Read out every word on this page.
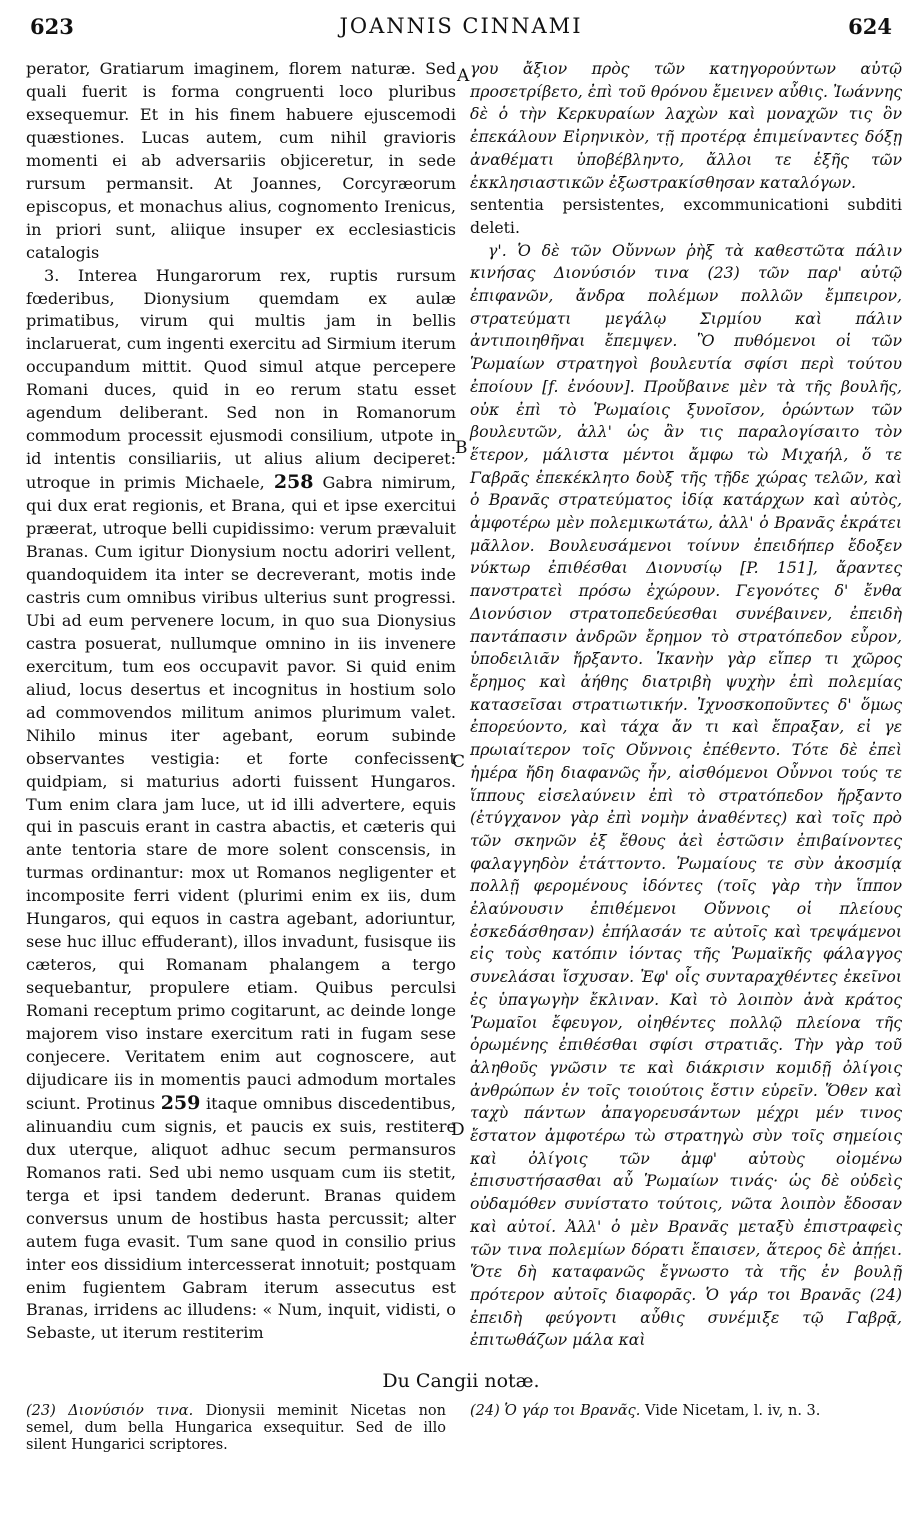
623	JOANNIS CINNAMI	624
A
B
C
D

perator, Gratiarum imaginem, florem naturæ. Sed quali fuerit is forma congruenti loco pluribus exsequemur. Et in his finem habuere ejuscemodi quæstiones. Lucas autem, cum nihil gravioris momenti ei ab adversariis objiceretur, in sede rursum permansit. At Joannes, Corcyræorum episcopus, et monachus alius, cognomento Irenicus, in priori sunt, aliique insuper ex ecclesiasticis catalogis

3. Interea Hungarorum rex, ruptis rursum fœderibus, Dionysium quemdam ex aulæ primatibus, virum qui multis jam in bellis inclaruerat, cum ingenti exercitu ad Sirmium iterum occupandum mittit. Quod simul atque percepere Romani duces, quid in eo rerum statu esset agendum deliberant. Sed non in Romanorum commodum processit ejusmodi consilium, utpote in id intentis consiliariis, ut alius alium deciperet: utroque in primis Michaele, 258 Gabra nimirum, qui dux erat regionis, et Brana, qui et ipse exercitui præerat, utroque belli cupidissimo: verum prævaluit Branas. Cum igitur Dionysium noctu adoriri vellent, quandoquidem ita inter se decreverant, motis inde castris cum omnibus viribus ulterius sunt progressi. Ubi ad eum pervenere locum, in quo sua Dionysius castra posuerat, nullumque omnino in iis invenere exercitum, tum eos occupavit pavor. Si quid enim aliud, locus desertus et incognitus in hostium solo ad commovendos militum animos plurimum valet. Nihilo minus iter agebant, eorum subinde observantes vestigia: et forte confecissent quidpiam, si maturius adorti fuissent Hungaros. Tum enim clara jam luce, ut id illi advertere, equis qui in pascuis erant in castra abactis, et cæteris qui ante tentoria stare de more solent conscensis, in turmas ordinantur: mox ut Romanos negligenter et incomposite ferri vident (plurimi enim ex iis, dum Hungaros, qui equos in castra agebant, adoriuntur, sese huc illuc effuderant), illos invadunt, fusisque iis cæteros, qui Romanam phalangem a tergo sequebantur, propulere etiam. Quibus perculsi Romani receptum primo cogitarunt, ac deinde longe majorem viso instare exercitum rati in fugam sese conjecere. Veritatem enim aut cognoscere, aut dijudicare iis in momentis pauci admodum mortales sciunt. Protinus 259 itaque omnibus discedentibus, alinuandiu cum signis, et paucis ex suis, restitere dux uterque, aliquot adhuc secum permansuros Romanos rati. Sed ubi nemo usquam cum iis stetit, terga et ipsi tandem dederunt. Branas quidem conversus unum de hostibus hasta percussit; alter autem fuga evasit. Tum sane quod in consilio prius inter eos dissidium intercesserat innotuit; postquam enim fugientem Gabram iterum assecutus est Branas, irridens ac illudens: « Num, inquit, vidisti, o Sebaste, ut iterum restiterim

γου ἄξιον πρὸς τῶν κατηγορούντων αὐτῷ προσετρίβετο, ἐπὶ τοῦ θρόνου ἔμεινεν αὖθις. Ἰωάννης δὲ ὁ τὴν Κερκυραίων λαχὼν καὶ μοναχῶν τις ὃν ἐπεκάλουν Εἰρηνικὸν, τῇ προτέρᾳ ἐπιμείναντες δόξῃ ἀναθέματι ὑποβέβληντο, ἄλλοι τε ἑξῆς τῶν ἐκκλησιαστικῶν ἐξωστρακίσθησαν καταλόγων.

sententia persistentes, excommunicationi subditi deleti.

γ'. Ὁ δὲ τῶν Οὔννων ῥὴξ τὰ καθεστῶτα πάλιν κινήσας Διονύσιόν τινα (23) τῶν παρ' αὐτῷ ἐπιφανῶν, ἄνδρα πολέμων πολλῶν ἔμπειρον, στρατεύματι μεγάλῳ Σιρμίου καὶ πάλιν ἀντιποιηθῆναι ἔπεμψεν. Ὃ πυθόμενοι οἱ τῶν Ῥωμαίων στρατηγοὶ βουλευτία σφίσι περὶ τούτου ἐποίουν [f. ἐνόουν]. Προὔβαινε μὲν τὰ τῆς βουλῆς, οὐκ ἐπὶ τὸ Ῥωμαίοις ξυνοῖσον, ὁρώντων τῶν βουλευτῶν, ἀλλ' ὡς ἂν τις παραλογίσαιτο τὸν ἕτερον, μάλιστα μέντοι ἄμφω τὼ Μιχαήλ, ὅ τε Γαβρᾶς ἐπεκέκλητο δοὺξ τῆς τῇδε χώρας τελῶν, καὶ ὁ Βρανᾶς στρατεύματος ἰδίᾳ κατάρχων καὶ αὐτὸς, ἀμφοτέρω μὲν πολεμικωτάτω, ἀλλ' ὁ Βρανᾶς ἐκράτει μᾶλλον. Βουλευσάμενοι τοίνυν ἐπειδήπερ ἔδοξεν νύκτωρ ἐπιθέσθαι Διονυσίῳ [P. 151], ἄραντες πανστρατεὶ πρόσω ἐχώρουν. Γεγονότες δ' ἔνθα Διονύσιον στρατοπεδεύεσθαι συνέβαινεν, ἐπειδὴ παντάπασιν ἀνδρῶν ἔρημον τὸ στρατόπεδον εὗρον, ὑποδειλιᾶν ἤρξαντο. Ἱκανὴν γὰρ εἴπερ τι χῶρος ἔρημος καὶ ἀήθης διατριβὴ ψυχὴν ἐπὶ πολεμίας κατασεῖσαι στρατιωτικήν. Ἰχνοσκοποῦντες δ' ὅμως ἐπορεύοντο, καὶ τάχα ἄν τι καὶ ἔπραξαν, εἰ γε πρωιαίτερον τοῖς Οὔννοις ἐπέθεντο. Τότε δὲ ἐπεὶ ἡμέρα ἤδη διαφανῶς ἦν, αἰσθόμενοι Οὖννοι τούς τε ἵππους εἰσελαύνειν ἐπὶ τὸ στρατόπεδον ἤρξαντο (ἐτύγχανον γὰρ ἐπὶ νομὴν ἀναθέντες) καὶ τοῖς πρὸ τῶν σκηνῶν ἐξ ἔθους ἀεὶ ἑστῶσιν ἐπιβαίνοντες φαλαγγηδὸν ἐτάττοντο. Ῥωμαίους τε σὺν ἀκοσμίᾳ πολλῇ φερομένους ἰδόντες (τοῖς γὰρ τὴν ἵππον ἐλαύνουσιν ἐπιθέμενοι Οὔννοις οἱ πλείους ἐσκεδάσθησαν) ἐπήλασάν τε αὐτοῖς καὶ τρεψάμενοι εἰς τοὺς κατόπιν ἰόντας τῆς Ῥωμαϊκῆς φάλαγγος συνελάσαι ἴσχυσαν. Ἐφ' οἷς συνταραχθέντες ἐκεῖνοι ἐς ὑπαγωγὴν ἔκλιναν. Καὶ τὸ λοιπὸν ἀνὰ κράτος Ῥωμαῖοι ἔφευγον, οἰηθέντες πολλῷ πλείονα τῆς ὁρωμένης ἐπιθέσθαι σφίσι στρατιᾶς. Τὴν γὰρ τοῦ ἀληθοῦς γνῶσιν τε καὶ διάκρισιν κομιδῇ ὀλίγοις ἀνθρώπων ἐν τοῖς τοιούτοις ἔστιν εὑρεῖν. Ὅθεν καὶ ταχὺ πάντων ἀπαγορευσάντων μέχρι μέν τινος ἔστατον ἀμφοτέρω τὼ στρατηγὼ σὺν τοῖς σημείοις καὶ ὀλίγοις τῶν ἀμφ' αὐτοὺς οἰομένω ἐπισυστήσασθαι αὖ Ῥωμαίων τινάς· ὡς δὲ οὐδεὶς οὐδαμόθεν συνίστατο τούτοις, νῶτα λοιπὸν ἔδοσαν καὶ αὐτοί. Ἀλλ' ὁ μὲν Βρανᾶς μεταξὺ ἐπιστραφεὶς τῶν τινα πολεμίων δόρατι ἔπαισεν, ἅτερος δὲ ἀπῄει. Ὅτε δὴ καταφανῶς ἔγνωστο τὰ τῆς ἐν βουλῇ πρότερον αὐτοῖς διαφορᾶς. Ὁ γάρ τοι Βρανᾶς (24) ἐπειδὴ φεύγοντι αὖθις συνέμιξε τῷ Γαβρᾷ, ἐπιτωθάζων μάλα καὶ

Du Cangii notæ.
(23) Διονύσιόν τινα. Dionysii meminit Nicetas non semel, dum bella Hungarica exsequitur. Sed de illo silent Hungarici scriptores.
(24) Ὁ γάρ τοι Βρανᾶς. Vide Nicetam, l. iv, n. 3.
